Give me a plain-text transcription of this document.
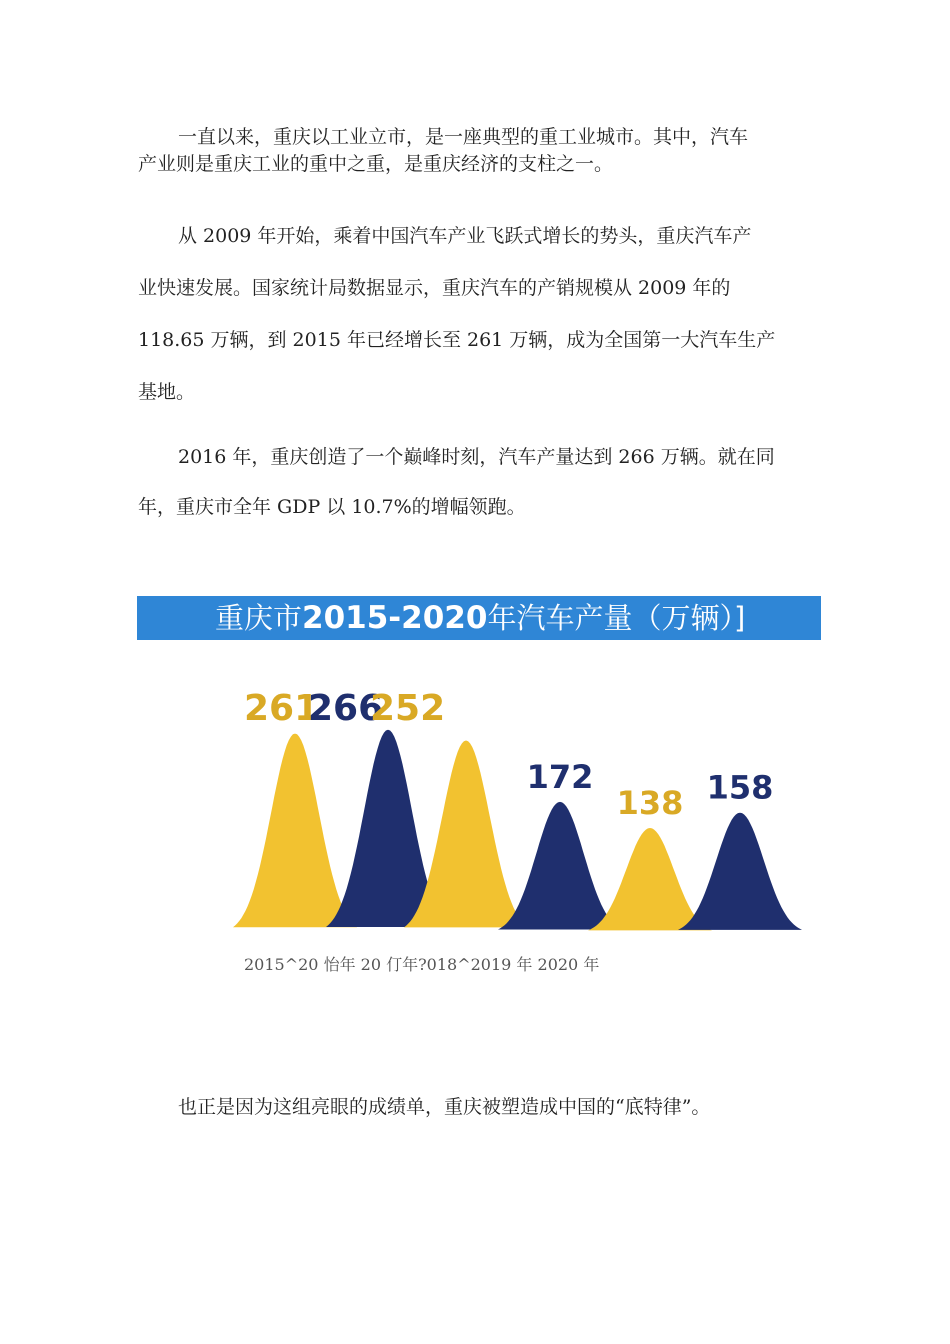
一直以来，重庆以工业立市，是一座典型的重工业城市。其中，汽车
产业则是重庆工业的重中之重，是重庆经济的支柱之一。

从 2009 年开始，乘着中国汽车产业飞跃式增长的势头，重庆汽车产
业快速发展。国家统计局数据显示，重庆汽车的产销规模从 2009 年的
118.65 万辆，到 2015 年已经增长至 261 万辆，成为全国第一大汽车生产
基地。

2016 年，重庆创造了一个巅峰时刻，汽车产量达到 266 万辆。就在同
年，重庆市全年 GDP 以 10.7%的增幅领跑。

重庆市2015-2020年汽车产量（万辆）]
261
266
252
172
138 158
2015^20 怡年 20 仃年?018^2019 年 2020 年

也正是因为这组亮眼的成绩单，重庆被塑造成中国的“底特律”。
